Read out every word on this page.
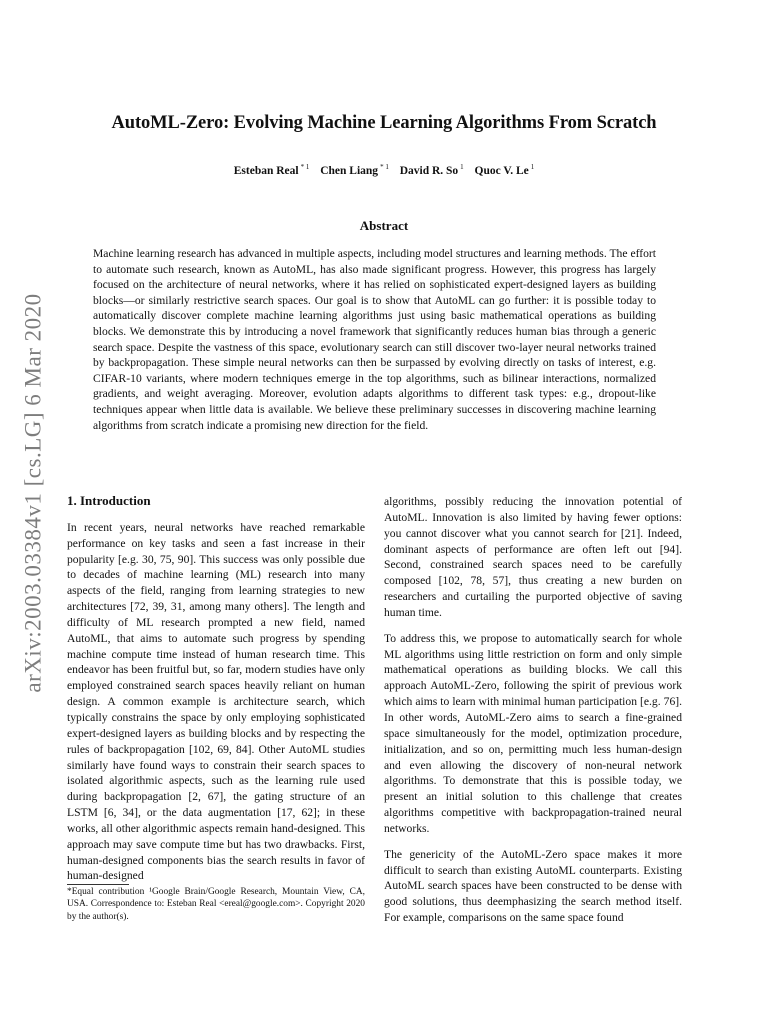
AutoML-Zero: Evolving Machine Learning Algorithms From Scratch
Esteban Real $^{* 1}$ Chen Liang $^{* 1}$ David R. So $^1$ Quoc V. Le $^1$
Abstract
Machine learning research has advanced in multiple aspects, including model structures and learning methods. The effort to automate such research, known as AutoML, has also made significant progress. However, this progress has largely focused on the architecture of neural networks, where it has relied on sophisticated expert-designed layers as building blocks—or similarly restrictive search spaces. Our goal is to show that AutoML can go further: it is possible today to automatically discover complete machine learning algorithms just using basic mathematical operations as building blocks. We demonstrate this by introducing a novel framework that significantly reduces human bias through a generic search space. Despite the vastness of this space, evolutionary search can still discover two-layer neural networks trained by backpropagation. These simple neural networks can then be surpassed by evolving directly on tasks of interest, e.g. CIFAR-10 variants, where modern techniques emerge in the top algorithms, such as bilinear interactions, normalized gradients, and weight averaging. Moreover, evolution adapts algorithms to different task types: e.g., dropout-like techniques appear when little data is available. We believe these preliminary successes in discovering machine learning algorithms from scratch indicate a promising new direction for the field.
arXiv:2003.03384v1 [cs.LG] 6 Mar 2020 1. Introduction

In recent years, neural networks have reached remarkable performance on key tasks and seen a fast increase in their popularity [e.g. 30, 75, 90]. This success was only possible due to decades of machine learning (ML) research into many aspects of the field, ranging from learning strategies to new architectures [72, 39, 31, among many others]. The length and difficulty of ML research prompted a new field, named AutoML, that aims to automate such progress by spending machine compute time instead of human research time. This endeavor has been fruitful but, so far, modern studies have only employed constrained search spaces heavily reliant on human design. A common example is architecture search, which typically constrains the space by only employing sophisticated expert-designed layers as building blocks and by respecting the rules of backpropagation [102, 69, 84]. Other AutoML studies similarly have found ways to constrain their search spaces to isolated algorithmic aspects, such as the learning rule used during backpropagation [2, 67], the gating structure of an LSTM [6, 34], or the data augmentation [17, 62]; in these works, all other algorithmic aspects remain hand-designed. This approach may save compute time but has two drawbacks. First, human-designed components bias the search results in favor of human-designed

algorithms, possibly reducing the innovation potential of AutoML. Innovation is also limited by having fewer options: you cannot discover what you cannot search for [21]. Indeed, dominant aspects of performance are often left out [94]. Second, constrained search spaces need to be carefully composed [102, 78, 57], thus creating a new burden on researchers and curtailing the purported objective of saving human time.

To address this, we propose to automatically search for whole ML algorithms using little restriction on form and only simple mathematical operations as building blocks. We call this approach AutoML-Zero, following the spirit of previous work which aims to learn with minimal human participation [e.g. 76]. In other words, AutoML-Zero aims to search a fine-grained space simultaneously for the model, optimization procedure, initialization, and so on, permitting much less human-design and even allowing the discovery of non-neural network algorithms. To demonstrate that this is possible today, we present an initial solution to this challenge that creates algorithms competitive with backpropagation-trained neural networks.

The genericity of the AutoML-Zero space makes it more difficult to search than existing AutoML counterparts. Existing AutoML search spaces have been constructed to be dense with good solutions, thus deemphasizing the search method itself. For example, comparisons on the same space found

*Equal contribution ¹Google Brain/Google Research, Mountain View, CA, USA. Correspondence to: Esteban Real <ereal@google.com>. Copyright 2020 by the author(s).
